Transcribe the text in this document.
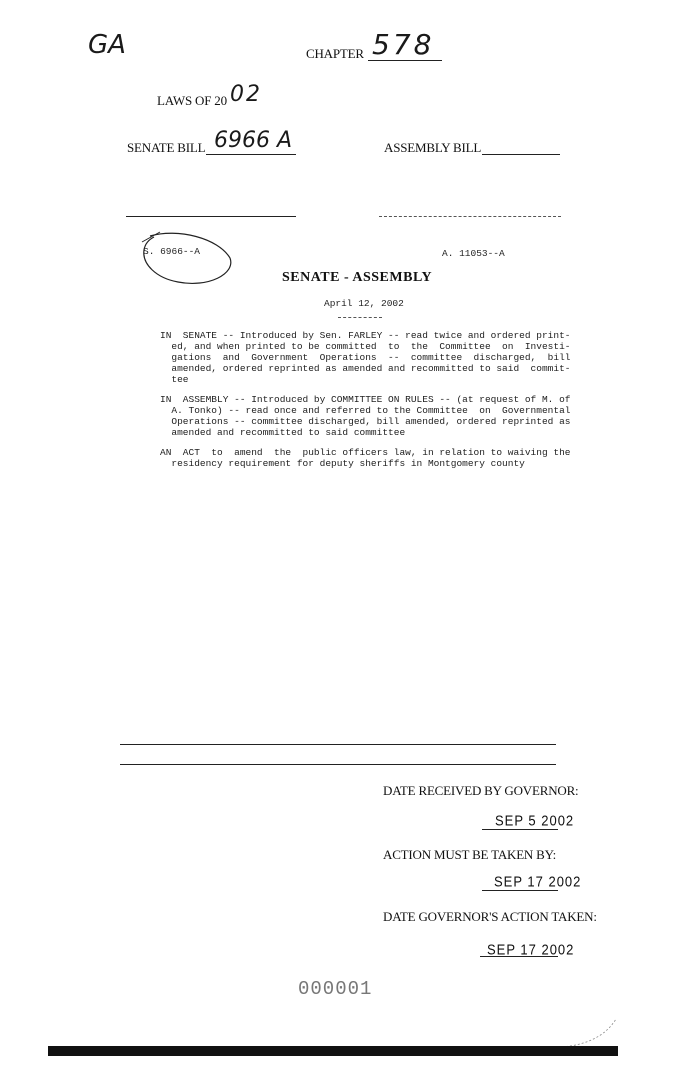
GA	CHAPTER 578
LAWS OF 20 02
SENATE BILL 6966 A	ASSEMBLY BILL
S. 6966--A	A. 11053--A
SENATE - ASSEMBLY
April 12, 2002
IN  SENATE -- Introduced by Sen. FARLEY -- read twice and ordered print-
ed, and when printed to be committed  to  the  Committee  on  Investi-
gations  and  Government  Operations  --  committee  discharged,  bill
amended, ordered reprinted as amended and recommitted to said  commit-
tee
IN  ASSEMBLY -- Introduced by COMMITTEE ON RULES -- (at request of M. of
A. Tonko) -- read once and referred to the Committee  on  Governmental
Operations -- committee discharged, bill amended, ordered reprinted as
amended and recommitted to said committee
AN  ACT  to  amend  the  public officers law, in relation to waiving the
residency requirement for deputy sheriffs in Montgomery county
DATE RECEIVED BY GOVERNOR:
SEP 5 2002
ACTION MUST BE TAKEN BY:
SEP 17 2002
DATE GOVERNOR'S ACTION TAKEN:
SEP 17 2002
000001
